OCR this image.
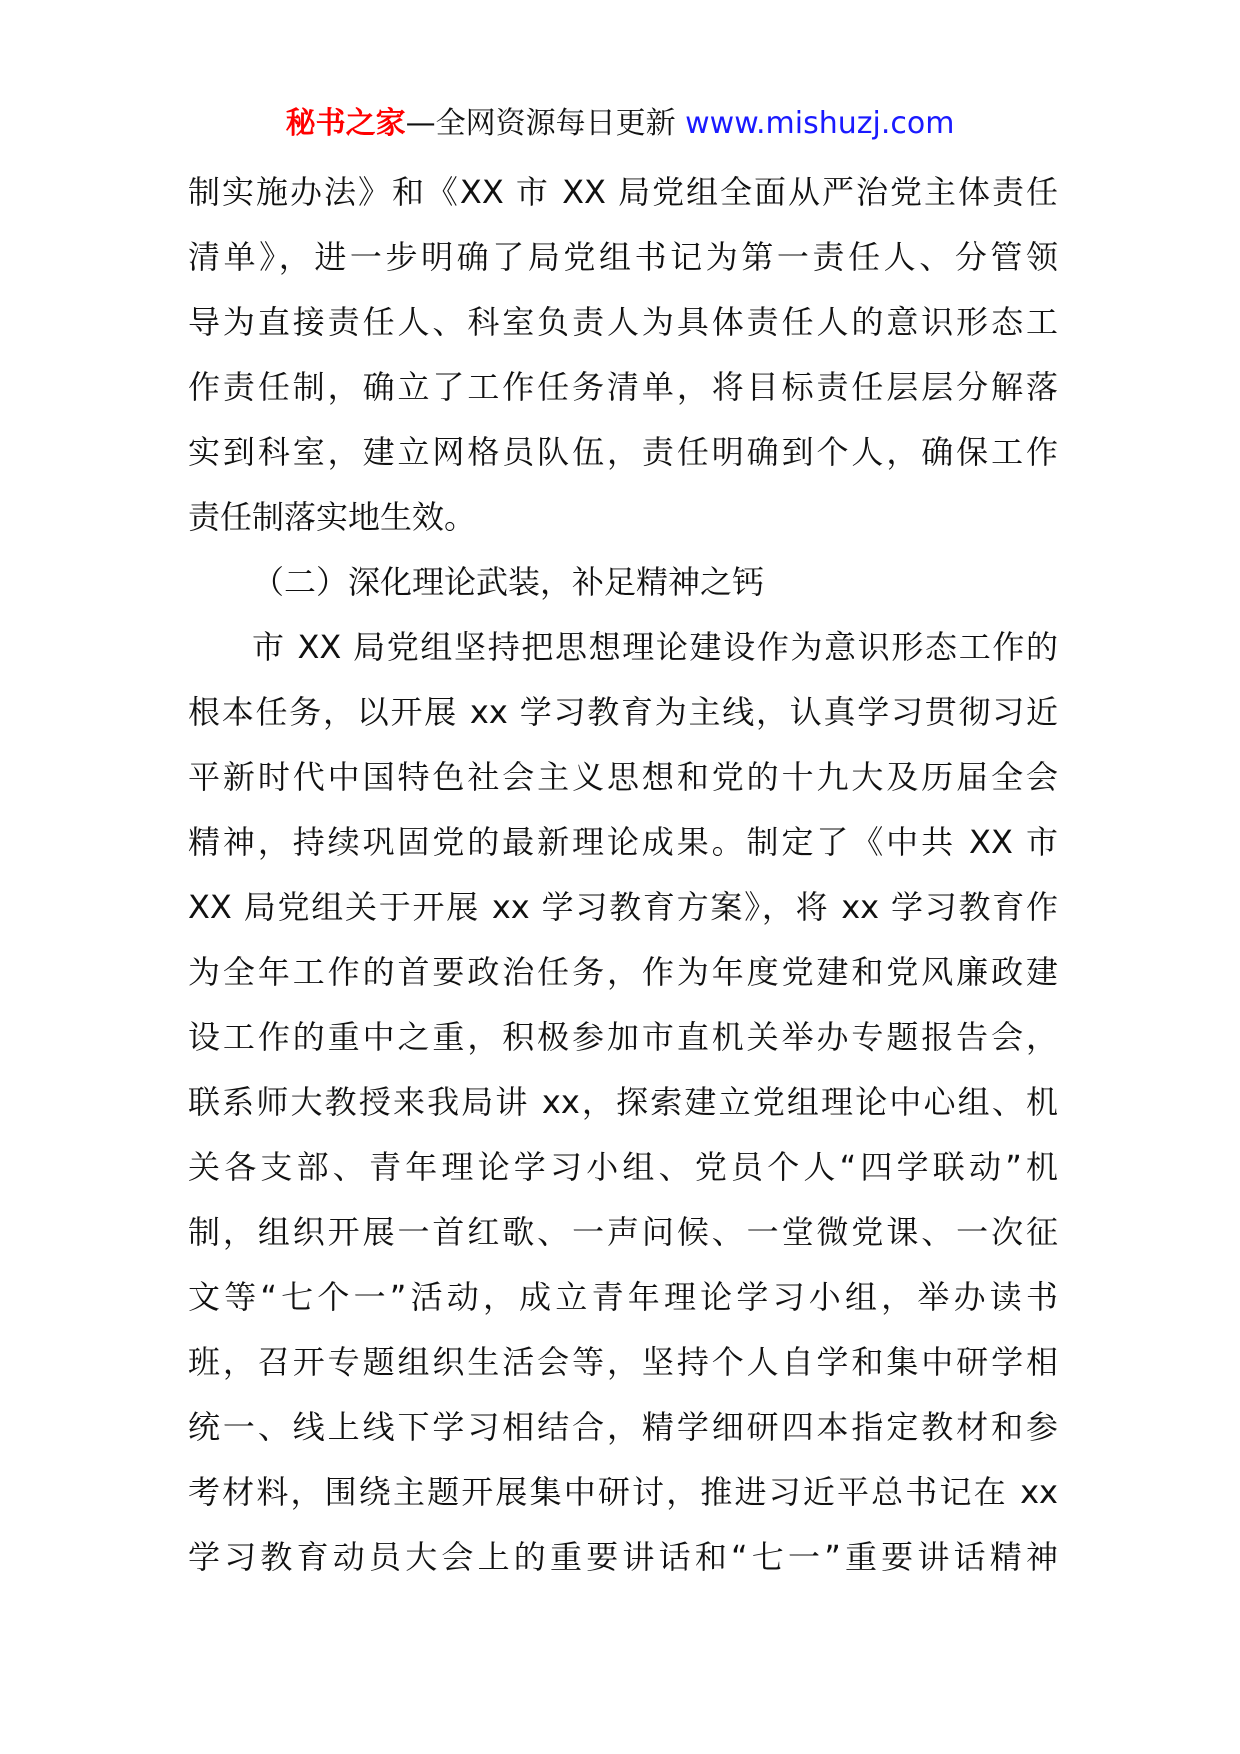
秘书之家—全网资源每日更新 www.mishuzj.com
制实施办法》和《XX 市 XX 局党组全面从严治党主体责任
清单》，进一步明确了局党组书记为第一责任人、分管领
导为直接责任人、科室负责人为具体责任人的意识形态工
作责任制，确立了工作任务清单，将目标责任层层分解落
实到科室，建立网格员队伍，责任明确到个人，确保工作
责任制落实地生效。
（二）深化理论武装，补足精神之钙
市 XX 局党组坚持把思想理论建设作为意识形态工作的
根本任务，以开展 xx 学习教育为主线，认真学习贯彻习近
平新时代中国特色社会主义思想和党的十九大及历届全会
精神，持续巩固党的最新理论成果。制定了《中共 XX 市
XX 局党组关于开展 xx 学习教育方案》，将 xx 学习教育作
为全年工作的首要政治任务，作为年度党建和党风廉政建
设工作的重中之重，积极参加市直机关举办专题报告会，
联系师大教授来我局讲 xx，探索建立党组理论中心组、机
关各支部、青年理论学习小组、党员个人“四学联动”机
制，组织开展一首红歌、一声问候、一堂微党课、一次征
文等“七个一”活动，成立青年理论学习小组，举办读书
班，召开专题组织生活会等，坚持个人自学和集中研学相
统一、线上线下学习相结合，精学细研四本指定教材和参
考材料，围绕主题开展集中研讨，推进习近平总书记在 xx
学习教育动员大会上的重要讲话和“七一”重要讲话精神
